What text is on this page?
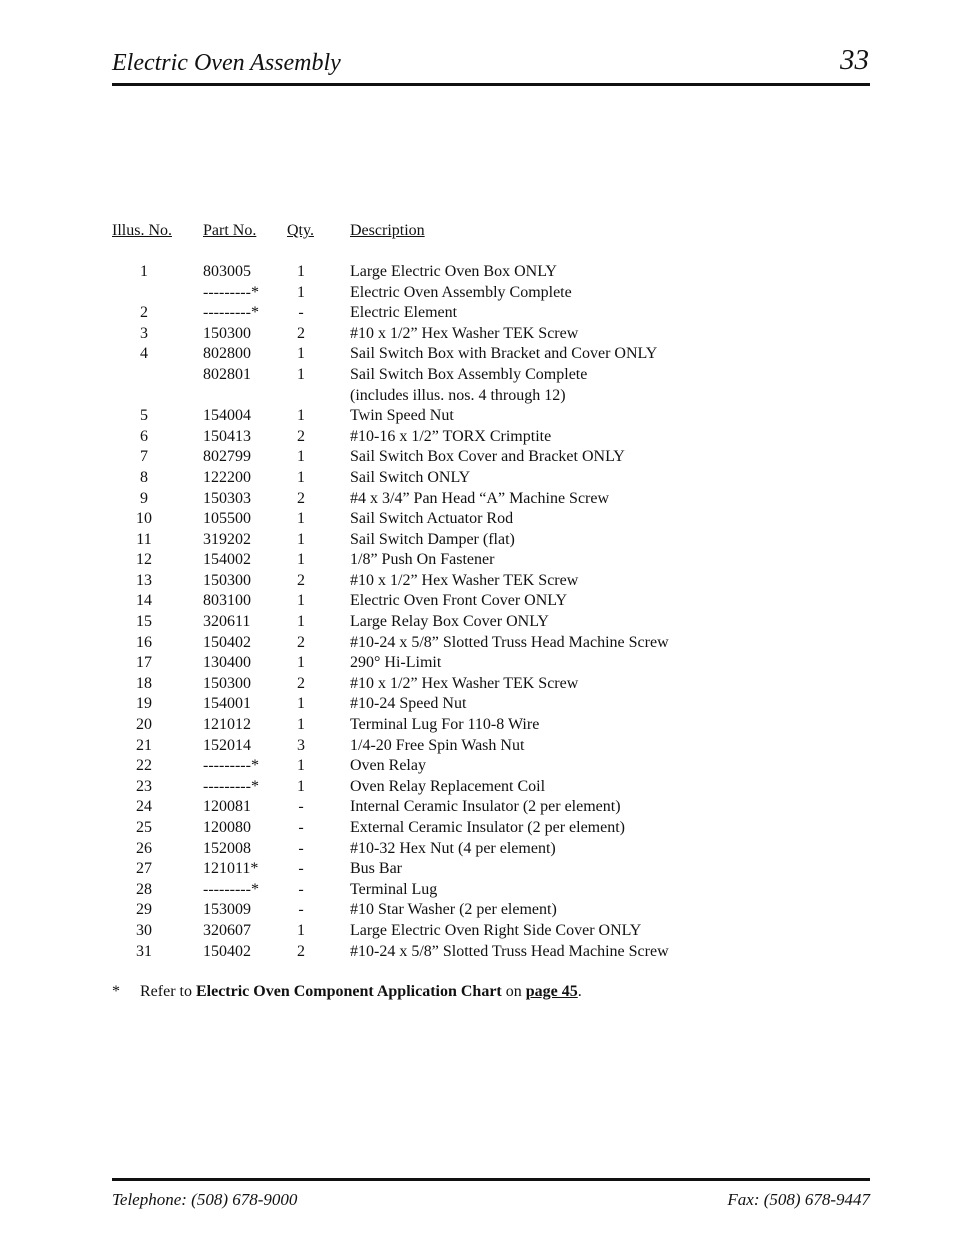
Electric Oven Assembly	33
Illus. No. Part No. Qty. Description
1	803005	1	Large Electric Oven Box ONLY
---------*	1	Electric Oven Assembly Complete
2	---------*	-	Electric Element
3	150300	2	#10 x 1/2” Hex Washer TEK Screw
4	802800	1	Sail Switch Box with Bracket and Cover ONLY
802801	1	Sail Switch Box Assembly Complete
(includes illus. nos. 4 through 12)
5	154004	1	Twin Speed Nut
6	150413	2	#10-16 x 1/2” TORX Crimptite
7	802799	1	Sail Switch Box Cover and Bracket ONLY
8	122200	1	Sail Switch ONLY
9	150303	2	#4 x 3/4” Pan Head “A” Machine Screw
10	105500	1	Sail Switch Actuator Rod
11	319202	1	Sail Switch Damper (flat)
12	154002	1	1/8” Push On Fastener
13	150300	2	#10 x 1/2” Hex Washer TEK Screw
14	803100	1	Electric Oven Front Cover ONLY
15	320611	1	Large Relay Box Cover ONLY
16	150402	2	#10-24 x 5/8” Slotted Truss Head Machine Screw
17	130400	1	290° Hi-Limit
18	150300	2	#10 x 1/2” Hex Washer TEK Screw
19	154001	1	#10-24 Speed Nut
20	121012	1	Terminal Lug For 110-8 Wire
21	152014	3	1/4-20 Free Spin Wash Nut
22	---------*	1	Oven Relay
23	---------*	1	Oven Relay Replacement Coil
24	120081	-	Internal Ceramic Insulator (2 per element)
25	120080	-	External Ceramic Insulator (2 per element)
26	152008	-	#10-32 Hex Nut (4 per element)
27	121011*	-	Bus Bar
28	---------*	-	Terminal Lug
29	153009	-	#10 Star Washer (2 per element)
30	320607	1	Large Electric Oven Right Side Cover ONLY
31	150402	2	#10-24 x 5/8” Slotted Truss Head Machine Screw
* Refer to Electric Oven Component Application Chart on page 45.
Telephone: (508) 678-9000	Fax: (508) 678-9447
